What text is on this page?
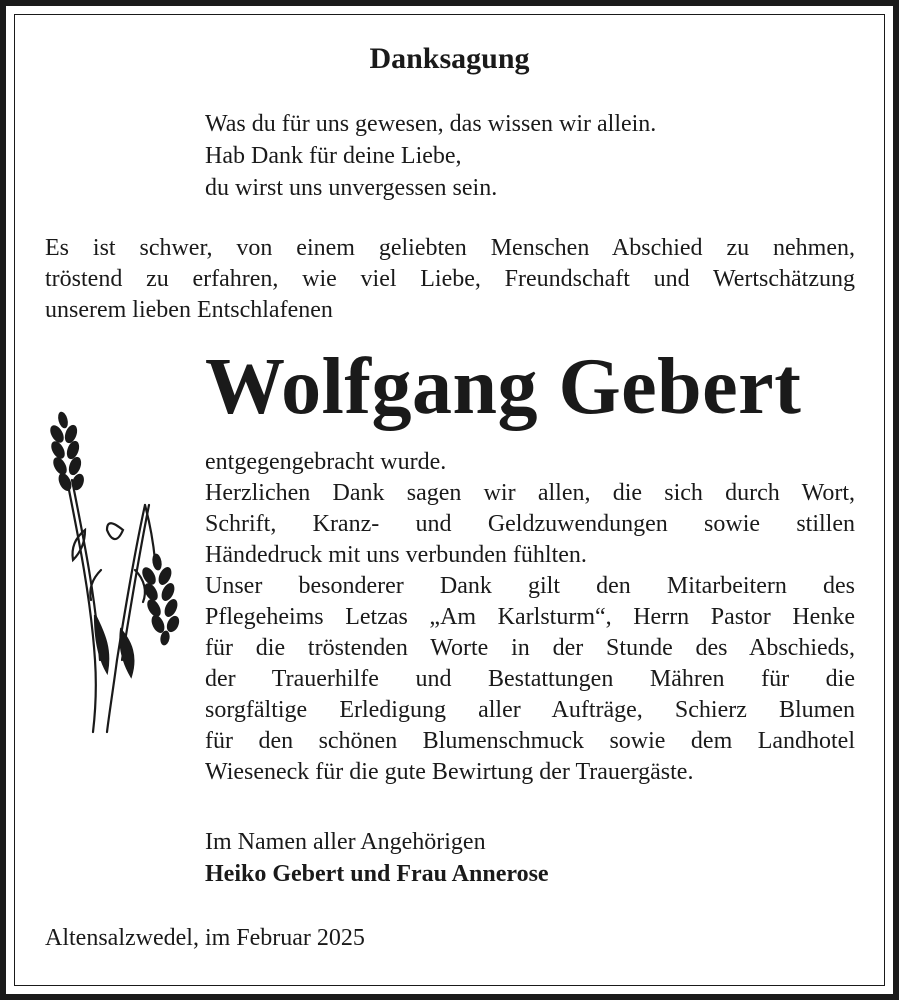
Danksagung
Was du für uns gewesen, das wissen wir allein.
Hab Dank für deine Liebe,
du wirst uns unvergessen sein.
Es ist schwer, von einem geliebten Menschen Abschied zu nehmen,
tröstend zu erfahren, wie viel Liebe, Freundschaft und Wertschätzung
unserem lieben Entschlafenen
Wolfgang Gebert
entgegengebracht wurde.
Herzlichen Dank sagen wir allen, die sich durch Wort,
Schrift, Kranz- und Geldzuwendungen sowie stillen
Händedruck mit uns verbunden fühlten.
Unser besonderer Dank gilt den Mitarbeitern des
Pflegeheims Letzas „Am Karlsturm“, Herrn Pastor Henke
für die tröstenden Worte in der Stunde des Abschieds,
der Trauerhilfe und Bestattungen Mähren für die
sorgfältige Erledigung aller Aufträge, Schierz Blumen
für den schönen Blumenschmuck sowie dem Landhotel
Wieseneck für die gute Bewirtung der Trauergäste.
Im Namen aller Angehörigen
Heiko Gebert und Frau Annerose
Altensalzwedel, im Februar 2025
